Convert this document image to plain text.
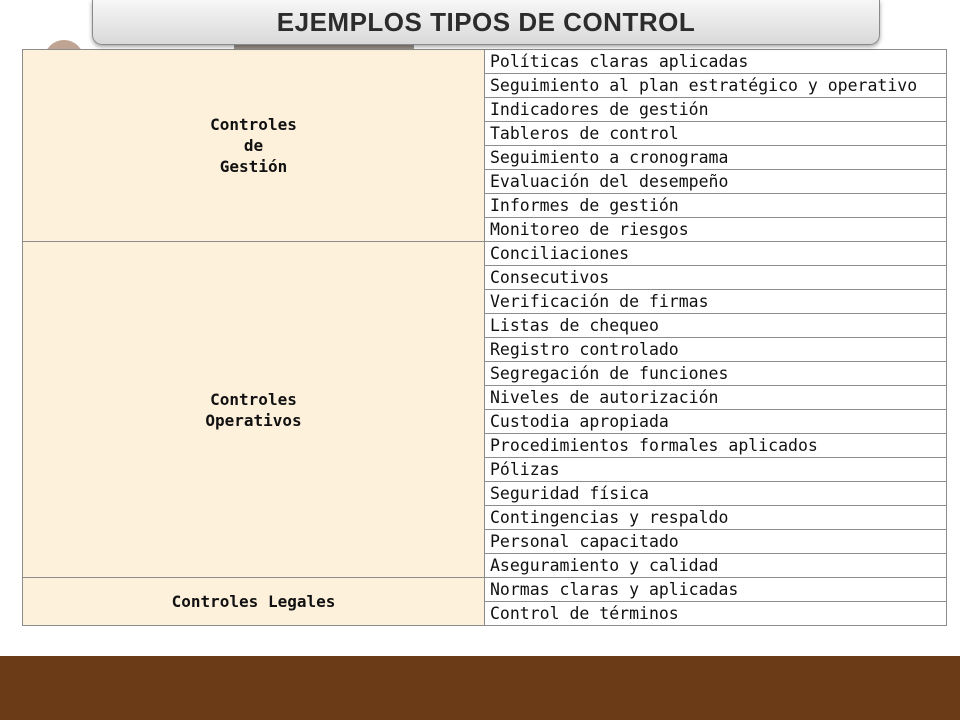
EJEMPLOS TIPOS DE CONTROL
Controles
de
Gestión	Políticas claras aplicadas
	Seguimiento al plan estratégico y operativo
	Indicadores de gestión
	Tableros de control
	Seguimiento a cronograma
	Evaluación del desempeño
	Informes de gestión
	Monitoreo de riesgos

Controles
Operativos	Conciliaciones
	Consecutivos
	Verificación de firmas
	Listas de chequeo
	Registro controlado
	Segregación de funciones
	Niveles de autorización
	Custodia apropiada
	Procedimientos formales aplicados
	Pólizas
	Seguridad física
	Contingencias y respaldo
	Personal capacitado
	Aseguramiento y calidad

Controles Legales	Normas claras y aplicadas
	Control de términos
